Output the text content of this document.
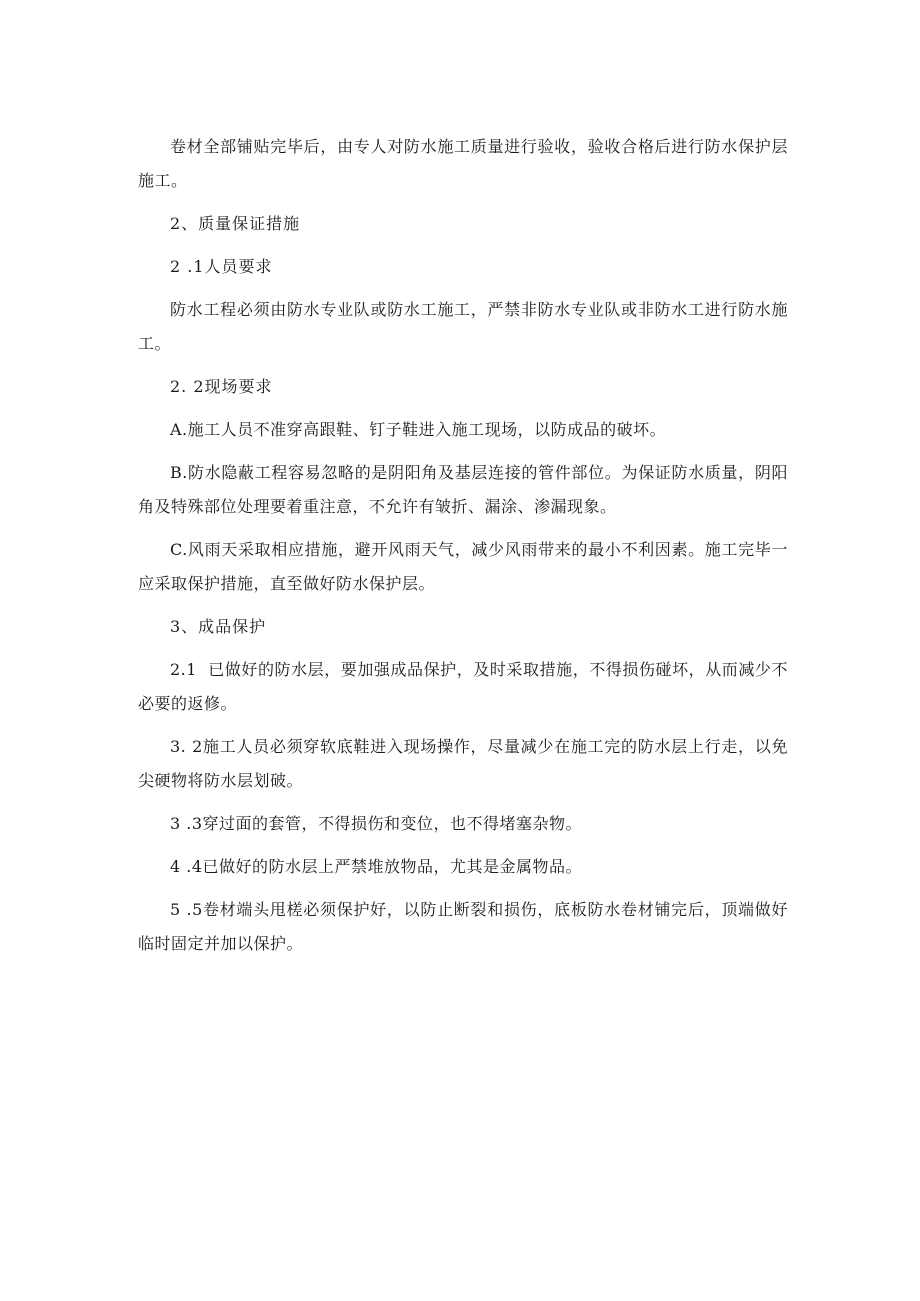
卷材全部铺贴完毕后，由专人对防水施工质量进行验收，验收合格后进行防水保护层施工。

2、质量保证措施

2 .1人员要求

防水工程必须由防水专业队或防水工施工，严禁非防水专业队或非防水工进行防水施工。

2. 2现场要求

A.施工人员不准穿高跟鞋、钉子鞋进入施工现场，以防成品的破坏。

B.防水隐蔽工程容易忽略的是阴阳角及基层连接的管件部位。为保证防水质量，阴阳角及特殊部位处理要着重注意，不允许有皱折、漏涂、渗漏现象。

C.风雨天采取相应措施，避开风雨天气，减少风雨带来的最小不利因素。施工完毕一应采取保护措施，直至做好防水保护层。

3、成品保护

2.1  已做好的防水层，要加强成品保护，及时采取措施，不得损伤碰坏，从而减少不必要的返修。

3. 2施工人员必须穿软底鞋进入现场操作，尽量减少在施工完的防水层上行走，以免尖硬物将防水层划破。

3 .3穿过面的套管，不得损伤和变位，也不得堵塞杂物。

4 .4已做好的防水层上严禁堆放物品，尤其是金属物品。

5 .5卷材端头甩槎必须保护好，以防止断裂和损伤，底板防水卷材铺完后，顶端做好临时固定并加以保护。
